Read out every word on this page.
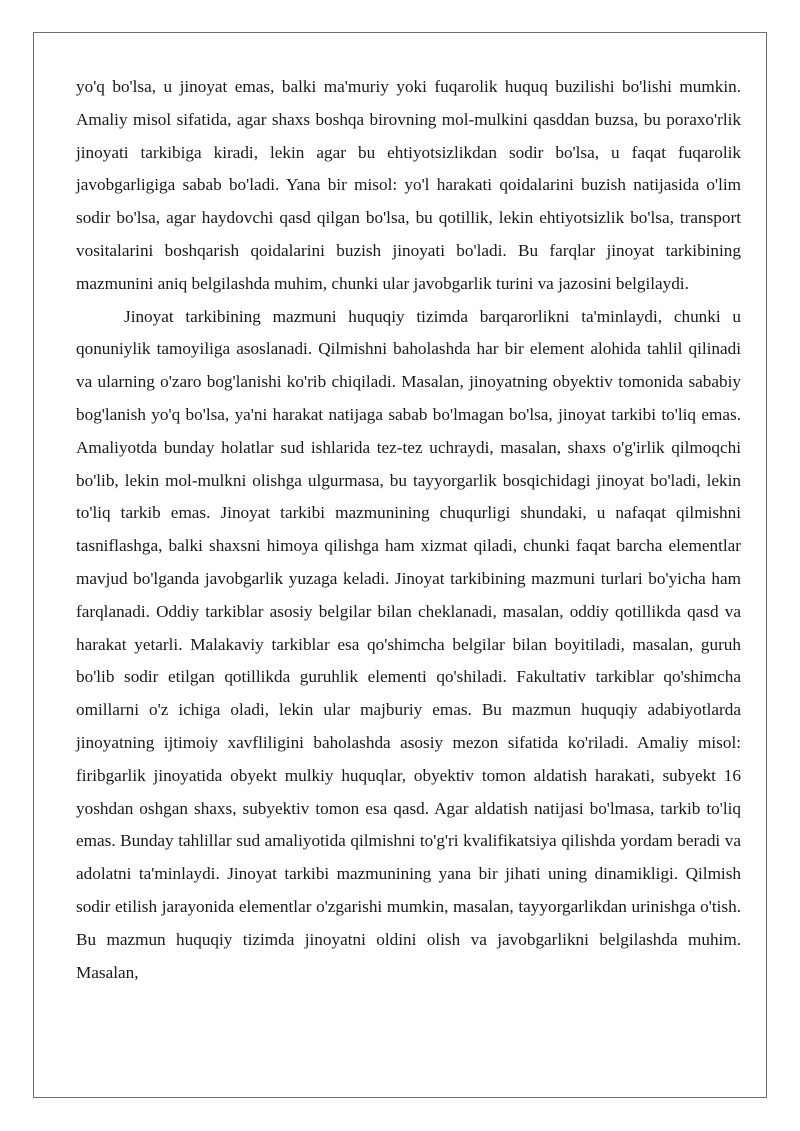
yo'q bo'lsa, u jinoyat emas, balki ma'muriy yoki fuqarolik huquq buzilishi bo'lishi mumkin. Amaliy misol sifatida, agar shaxs boshqa birovning mol-mulkini qasddan buzsa, bu poraxo'rlik jinoyati tarkibiga kiradi, lekin agar bu ehtiyotsizlikdan sodir bo'lsa, u faqat fuqarolik javobgarligiga sabab bo'ladi. Yana bir misol: yo'l harakati qoidalarini buzish natijasida o'lim sodir bo'lsa, agar haydovchi qasd qilgan bo'lsa, bu qotillik, lekin ehtiyotsizlik bo'lsa, transport vositalarini boshqarish qoidalarini buzish jinoyati bo'ladi. Bu farqlar jinoyat tarkibining mazmunini aniq belgilashda muhim, chunki ular javobgarlik turini va jazosini belgilaydi.

Jinoyat tarkibining mazmuni huquqiy tizimda barqarorlikni ta'minlaydi, chunki u qonuniylik tamoyiliga asoslanadi. Qilmishni baholashda har bir element alohida tahlil qilinadi va ularning o'zaro bog'lanishi ko'rib chiqiladi. Masalan, jinoyatning obyektiv tomonida sababiy bog'lanish yo'q bo'lsa, ya'ni harakat natijaga sabab bo'lmagan bo'lsa, jinoyat tarkibi to'liq emas. Amaliyotda bunday holatlar sud ishlarida tez-tez uchraydi, masalan, shaxs o'g'irlik qilmoqchi bo'lib, lekin mol-mulkni olishga ulgurmasa, bu tayyorgarlik bosqichidagi jinoyat bo'ladi, lekin to'liq tarkib emas. Jinoyat tarkibi mazmunining chuqurligi shundaki, u nafaqat qilmishni tasniflashga, balki shaxsni himoya qilishga ham xizmat qiladi, chunki faqat barcha elementlar mavjud bo'lganda javobgarlik yuzaga keladi. Jinoyat tarkibining mazmuni turlari bo'yicha ham farqlanadi. Oddiy tarkiblar asosiy belgilar bilan cheklanadi, masalan, oddiy qotillikda qasd va harakat yetarli. Malakaviy tarkiblar esa qo'shimcha belgilar bilan boyitiladi, masalan, guruh bo'lib sodir etilgan qotillikda guruhlik elementi qo'shiladi. Fakultativ tarkiblar qo'shimcha omillarni o'z ichiga oladi, lekin ular majburiy emas. Bu mazmun huquqiy adabiyotlarda jinoyatning ijtimoiy xavfliligini baholashda asosiy mezon sifatida ko'riladi. Amaliy misol: firibgarlik jinoyatida obyekt mulkiy huquqlar, obyektiv tomon aldatish harakati, subyekt 16 yoshdan oshgan shaxs, subyektiv tomon esa qasd. Agar aldatish natijasi bo'lmasa, tarkib to'liq emas. Bunday tahlillar sud amaliyotida qilmishni to'g'ri kvalifikatsiya qilishda yordam beradi va adolatni ta'minlaydi. Jinoyat tarkibi mazmunining yana bir jihati uning dinamikligi. Qilmish sodir etilish jarayonida elementlar o'zgarishi mumkin, masalan, tayyorgarlikdan urinishga o'tish. Bu mazmun huquqiy tizimda jinoyatni oldini olish va javobgarlikni belgilashda muhim. Masalan,
